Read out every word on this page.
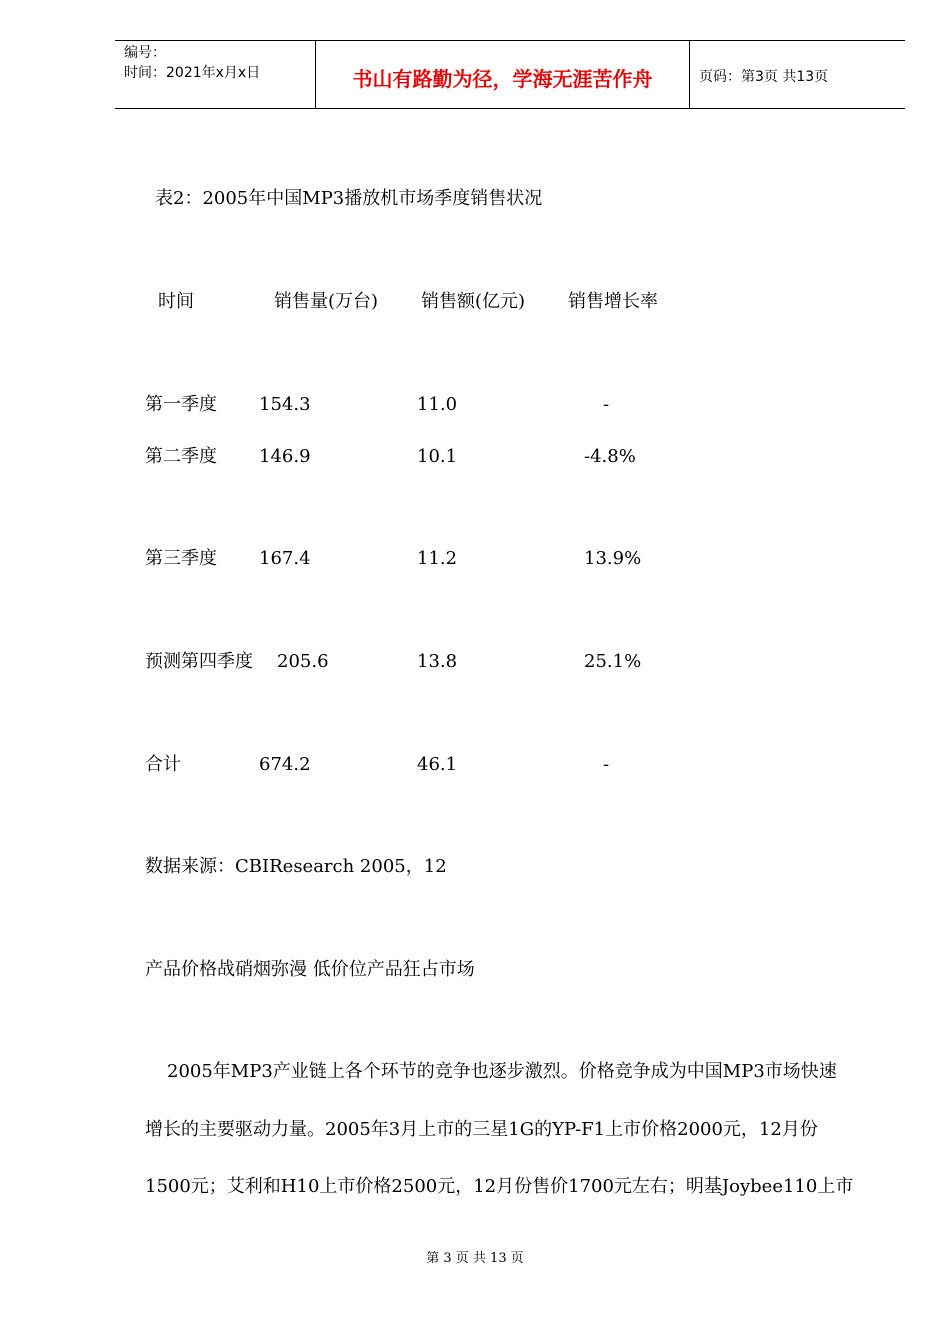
编号：
时间：2021年x月x日	书山有路勤为径，学海无涯苦作舟	页码：第3页 共13页
表2：2005年中国MP3播放机市场季度销售状况
时间	销售量(万台) 销售额(亿元) 销售增长率
第一季度 154.3	11.0	-
第二季度 146.9	10.1	-4.8%
第三季度 167.4	11.2	13.9%
预测第四季度 205.6	13.8	25.1%
合计	674.2	46.1	-
数据来源：CBIResearch 2005，12
产品价格战硝烟弥漫 低价位产品狂占市场
2005年MP3产业链上各个环节的竞争也逐步激烈。价格竞争成为中国MP3市场快速
增长的主要驱动力量。2005年3月上市的三星1G的YP-F1上市价格2000元，12月份
1500元；艾利和H10上市价格2500元，12月份售价1700元左右；明基Joybee110上市
第 3 页 共 13 页
